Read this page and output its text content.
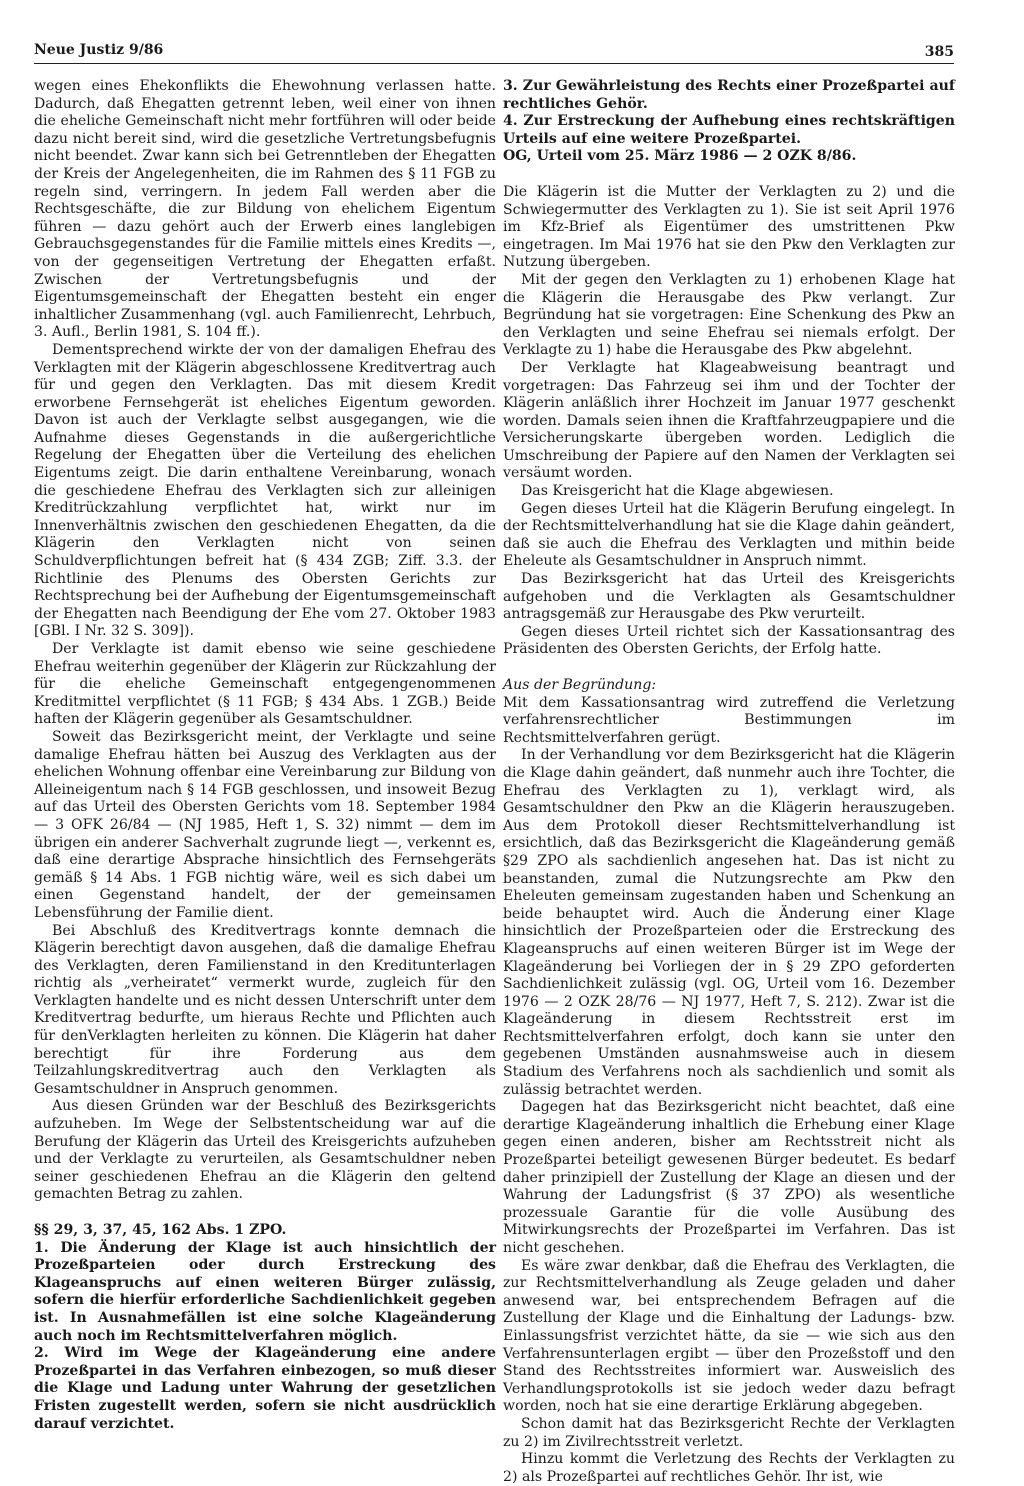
Neue Justiz 9/86	385

wegen eines Ehekonflikts die Ehewohnung verlassen hatte. Dadurch, daß Ehegatten getrennt leben, weil einer von ihnen die eheliche Gemeinschaft nicht mehr fortführen will oder beide dazu nicht bereit sind, wird die gesetzliche Vertretungsbefugnis nicht beendet. Zwar kann sich bei Getrenntleben der Ehegatten der Kreis der Angelegenheiten, die im Rahmen des § 11 FGB zu regeln sind, verringern. In jedem Fall werden aber die Rechtsgeschäfte, die zur Bildung von ehelichem Eigentum führen — dazu gehört auch der Erwerb eines langlebigen Gebrauchsgegenstandes für die Familie mittels eines Kredits —, von der gegenseitigen Vertretung der Ehegatten erfaßt. Zwischen der Vertretungsbefugnis und der Eigentumsgemeinschaft der Ehegatten besteht ein enger inhaltlicher Zusammenhang (vgl. auch Familienrecht, Lehrbuch, 3. Aufl., Berlin 1981, S. 104 ff.).

Dementsprechend wirkte der von der damaligen Ehefrau des Verklagten mit der Klägerin abgeschlossene Kreditvertrag auch für und gegen den Verklagten. Das mit diesem Kredit erworbene Fernsehgerät ist eheliches Eigentum geworden. Davon ist auch der Verklagte selbst ausgegangen, wie die Aufnahme dieses Gegenstands in die außergerichtliche Regelung der Ehegatten über die Verteilung des ehelichen Eigentums zeigt. Die darin enthaltene Vereinbarung, wonach die geschiedene Ehefrau des Verklagten sich zur alleinigen Kreditrückzahlung verpflichtet hat, wirkt nur im Innenverhältnis zwischen den geschiedenen Ehegatten, da die Klägerin den Verklagten nicht von seinen Schuldverpflichtungen befreit hat (§ 434 ZGB; Ziff. 3.3. der Richtlinie des Plenums des Obersten Gerichts zur Rechtsprechung bei der Aufhebung der Eigentumsgemeinschaft der Ehegatten nach Beendigung der Ehe vom 27. Oktober 1983 [GBl. I Nr. 32 S. 309]).

Der Verklagte ist damit ebenso wie seine geschiedene Ehefrau weiterhin gegenüber der Klägerin zur Rückzahlung der für die eheliche Gemeinschaft entgegengenommenen Kreditmittel verpflichtet (§ 11 FGB; § 434 Abs. 1 ZGB.) Beide haften der Klägerin gegenüber als Gesamtschuldner.

Soweit das Bezirksgericht meint, der Verklagte und seine damalige Ehefrau hätten bei Auszug des Verklagten aus der ehelichen Wohnung offenbar eine Vereinbarung zur Bildung von Alleineigentum nach § 14 FGB geschlossen, und insoweit Bezug auf das Urteil des Obersten Gerichts vom 18. September 1984 — 3 OFK 26/84 — (NJ 1985, Heft 1, S. 32) nimmt — dem im übrigen ein anderer Sachverhalt zugrunde liegt —, verkennt es, daß eine derartige Absprache hinsichtlich des Fernsehgeräts gemäß § 14 Abs. 1 FGB nichtig wäre, weil es sich dabei um einen Gegenstand handelt, der der gemeinsamen Lebensführung der Familie dient.

Bei Abschluß des Kreditvertrags konnte demnach die Klägerin berechtigt davon ausgehen, daß die damalige Ehefrau des Verklagten, deren Familienstand in den Kreditunterlagen richtig als „verheiratet“ vermerkt wurde, zugleich für den Verklagten handelte und es nicht dessen Unterschrift unter dem Kreditvertrag bedurfte, um hieraus Rechte und Pflichten auch für denVerklagten herleiten zu können. Die Klägerin hat daher berechtigt für ihre Forderung aus dem Teilzahlungskreditvertrag auch den Verklagten als Gesamtschuldner in Anspruch genommen.

Aus diesen Gründen war der Beschluß des Bezirksgerichts aufzuheben. Im Wege der Selbstentscheidung war auf die Berufung der Klägerin das Urteil des Kreisgerichts aufzuheben und der Verklagte zu verurteilen, als Gesamtschuldner neben seiner geschiedenen Ehefrau an die Klägerin den geltend gemachten Betrag zu zahlen.

§§ 29, 3, 37, 45, 162 Abs. 1 ZPO.

1. Die Änderung der Klage ist auch hinsichtlich der Prozeßparteien oder durch Erstreckung des Klageanspruchs auf einen weiteren Bürger zulässig, sofern die hierfür erforderliche Sachdienlichkeit gegeben ist. In Ausnahmefällen ist eine solche Klageänderung auch noch im Rechtsmittelverfahren möglich.

2. Wird im Wege der Klageänderung eine andere Prozeßpartei in das Verfahren einbezogen, so muß dieser die Klage und Ladung unter Wahrung der gesetzlichen Fristen zugestellt werden, sofern sie nicht ausdrücklich darauf verzichtet.

3. Zur Gewährleistung des Rechts einer Prozeßpartei auf rechtliches Gehör.

4. Zur Erstreckung der Aufhebung eines rechtskräftigen Urteils auf eine weitere Prozeßpartei.

OG, Urteil vom 25. März 1986 — 2 OZK 8/86.

Die Klägerin ist die Mutter der Verklagten zu 2) und die Schwiegermutter des Verklagten zu 1). Sie ist seit April 1976 im Kfz-Brief als Eigentümer des umstrittenen Pkw eingetragen. Im Mai 1976 hat sie den Pkw den Verklagten zur Nutzung übergeben.

Mit der gegen den Verklagten zu 1) erhobenen Klage hat die Klägerin die Herausgabe des Pkw verlangt. Zur Begründung hat sie vorgetragen: Eine Schenkung des Pkw an den Verklagten und seine Ehefrau sei niemals erfolgt. Der Verklagte zu 1) habe die Herausgabe des Pkw abgelehnt.

Der Verklagte hat Klageabweisung beantragt und vorgetragen: Das Fahrzeug sei ihm und der Tochter der Klägerin anläßlich ihrer Hochzeit im Januar 1977 geschenkt worden. Damals seien ihnen die Kraftfahrzeugpapiere und die Versicherungskarte übergeben worden. Lediglich die Umschreibung der Papiere auf den Namen der Verklagten sei versäumt worden.

Das Kreisgericht hat die Klage abgewiesen.

Gegen dieses Urteil hat die Klägerin Berufung eingelegt. In der Rechtsmittelverhandlung hat sie die Klage dahin geändert, daß sie auch die Ehefrau des Verklagten und mithin beide Eheleute als Gesamtschuldner in Anspruch nimmt.

Das Bezirksgericht hat das Urteil des Kreisgerichts aufgehoben und die Verklagten als Gesamtschuldner antragsgemäß zur Herausgabe des Pkw verurteilt.

Gegen dieses Urteil richtet sich der Kassationsantrag des Präsidenten des Obersten Gerichts, der Erfolg hatte.

Aus der Begründung:

Mit dem Kassationsantrag wird zutreffend die Verletzung verfahrensrechtlicher Bestimmungen im Rechtsmittelverfahren gerügt.

In der Verhandlung vor dem Bezirksgericht hat die Klägerin die Klage dahin geändert, daß nunmehr auch ihre Tochter, die Ehefrau des Verklagten zu 1), verklagt wird, als Gesamtschuldner den Pkw an die Klägerin herauszugeben. Aus dem Protokoll dieser Rechtsmittelverhandlung ist ersichtlich, daß das Bezirksgericht die Klageänderung gemäß §29 ZPO als sachdienlich angesehen hat. Das ist nicht zu beanstanden, zumal die Nutzungsrechte am Pkw den Eheleuten gemeinsam zugestanden haben und Schenkung an beide behauptet wird. Auch die Änderung einer Klage hinsichtlich der Prozeßparteien oder die Erstreckung des Klageanspruchs auf einen weiteren Bürger ist im Wege der Klageänderung bei Vorliegen der in § 29 ZPO geforderten Sachdienlichkeit zulässig (vgl. OG, Urteil vom 16. Dezember 1976 — 2 OZK 28/76 — NJ 1977, Heft 7, S. 212). Zwar ist die Klageänderung in diesem Rechtsstreit erst im Rechtsmittelverfahren erfolgt, doch kann sie unter den gegebenen Umständen ausnahmsweise auch in diesem Stadium des Verfahrens noch als sachdienlich und somit als zulässig betrachtet werden.

Dagegen hat das Bezirksgericht nicht beachtet, daß eine derartige Klageänderung inhaltlich die Erhebung einer Klage gegen einen anderen, bisher am Rechtsstreit nicht als Prozeßpartei beteiligt gewesenen Bürger bedeutet. Es bedarf daher prinzipiell der Zustellung der Klage an diesen und der Wahrung der Ladungsfrist (§ 37 ZPO) als wesentliche prozessuale Garantie für die volle Ausübung des Mitwirkungsrechts der Prozeßpartei im Verfahren. Das ist nicht geschehen.

Es wäre zwar denkbar, daß die Ehefrau des Verklagten, die zur Rechtsmittelverhandlung als Zeuge geladen und daher anwesend war, bei entsprechendem Befragen auf die Zustellung der Klage und die Einhaltung der Ladungs- bzw. Einlassungsfrist verzichtet hätte, da sie — wie sich aus den Verfahrensunterlagen ergibt — über den Prozeßstoff und den Stand des Rechtsstreites informiert war. Ausweislich des Verhandlungsprotokolls ist sie jedoch weder dazu befragt worden, noch hat sie eine derartige Erklärung abgegeben.

Schon damit hat das Bezirksgericht Rechte der Verklagten zu 2) im Zivilrechtsstreit verletzt.

Hinzu kommt die Verletzung des Rechts der Verklagten zu 2) als Prozeßpartei auf rechtliches Gehör. Ihr ist, wie
